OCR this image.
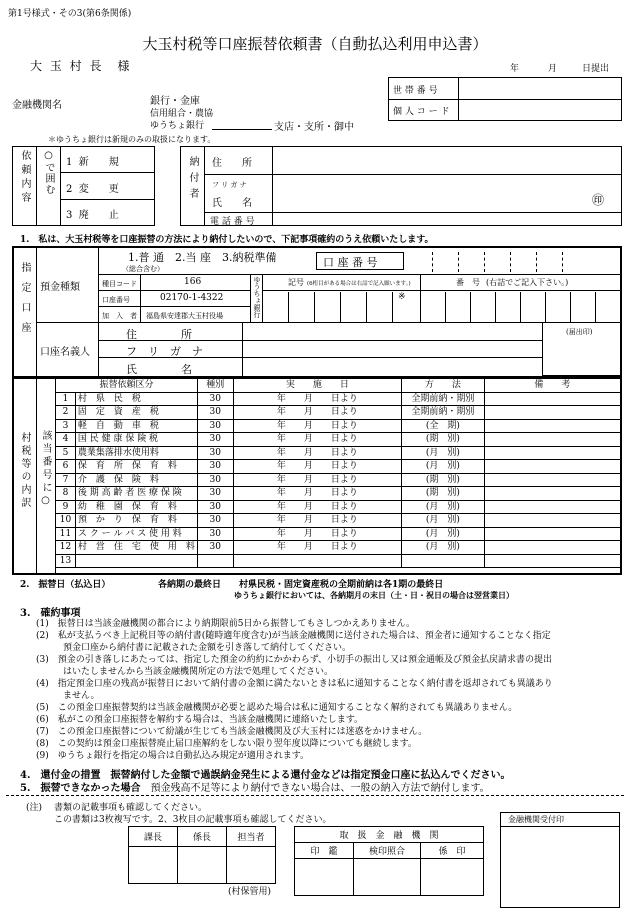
第1号様式・その3(第6条関係)
大玉村税等口座振替依頼書（自動払込利用申込書）
大 玉 村 長　様	年	月	日提出
世 帯 番 号
個 人 コ ー ド
金融機関名	銀行・金庫
信用組合・農協
ゆうちょ銀行	支店・支所・御中
＊ゆうちょ銀行は新規のみの取扱になります。
依頼内容 ○で囲む 1 新　　規
2 変　　更
3 廃　　止
納付者 住　　所
フ リ ガ ナ
氏　　名
電 話 番 号
㊞
1.　私は、大玉村税等を口座振替の方法により納付したいので、下記事項確約のうえ依頼いたします。
指定口座 預金種類
1.普 通　2.当 座　3.納税準備
（総合含む）	口 座 番 号
種目コード	166
口座番号	02170-1-4322
加　入　者 福島県安達郡大玉村役場	ゆうちょ銀行	記号 (6桁目がある場合は右詰で記入願います。)	番　号 (右詰でご記入下さい。)
※
口座名義人
住　　　　所
フ　リ　ガ　ナ
氏　　　　名
(届出印)
村税等の内訳 該当番号に○
振替依頼区分		種別	実　　施　　日	方　　法	備　　考
1	村　県　民　税	30	年　　月　　日より	全期前納・期別	
2	固　定　資　産　税	30	年　　月　　日より	全期前納・期別	
3	軽　自　動　車　税	30	年　　月　　日より	(全　期)	
4	国 民 健 康 保 険 税	30	年　　月　　日より	(期　別)	
5	農業集落排水使用料	30	年　　月　　日より	(月　別)	
6	保　育　所　保　育　料	30	年　　月　　日より	(月　別)	
7	介　護　保　険　料	30	年　　月　　日より	(期　別)	
8	後 期 高 齢 者 医 療 保 険	30	年　　月　　日より	(期　別)	
9	幼　稚　園　保　育　料	30	年　　月　　日より	(月　別)	
10	預　か　り　保　育　料	30	年　　月　　日より	(月　別)	
11	ス ク ー ル バ ス 使 用 料	30	年　　月　　日より	(月　別)	
12	村　営　住　宅　使　用　料	30	年　　月　　日より	(月　別)	
13					
2.　振替日（払込日）	各納期の最終日　　村県民税・固定資産税の全期前納は各1期の最終日
ゆうちょ銀行においては、各納期月の末日（土・日・祝日の場合は翌営業日）
3.　確約事項
(1)　振替日は当該金融機関の都合により納期限前5日から振替してもさしつかえありません。
(2)　私が支払うべき上記税目等の納付書(随時適年度含む)が当該金融機関に送付された場合は、預金者に通知することなく指定
　　　預金口座から納付書に記載された金額を引き落して納付してください。
(3)　預金の引き落しにあたっては、指定した預金の約約にかかわらず、小切手の振出し又は預金通帳及び預金払戻請求書の提出
　　　はいたしませんから当該金融機関所定の方法で処理してください。
(4)　指定預金口座の残高が振替日において納付書の金額に満たないときは私に通知することなく納付書を返却されても異議あり
　　　ません。
(5)　この預金口座振替契約は当該金融機関が必要と認めた場合は私に通知することなく解約されても異議ありません。
(6)　私がこの預金口座振替を解約する場合は、当該金融機関に連絡いたします。
(7)　この預金口座振替について紛議が生じても当該金融機関及び大玉村には迷惑をかけません。
(8)　この契約は預金口座振替廃止届口座解約をしない限り翌年度以降についても継続します。
(9)　ゆうちょ銀行を指定の場合は自動払込み規定が適用されます。
4.　還付金の措置　振替納付した金額で過誤納金発生による還付金などは指定預金口座に払込んでください。
5.　振替できなかった場合　 預金残高不足等により納付できない場合は、一般の納入方法で納付します。
(注) 書類の記載事項も確認してください。
この書類は3枚複写です。2、3枚目の記載事項も確認してください。
課長	係長	担当者

(村保管用)
取　扱　金　融　機　関		
印　鑑	検印照合	係　印

金融機関受付印
